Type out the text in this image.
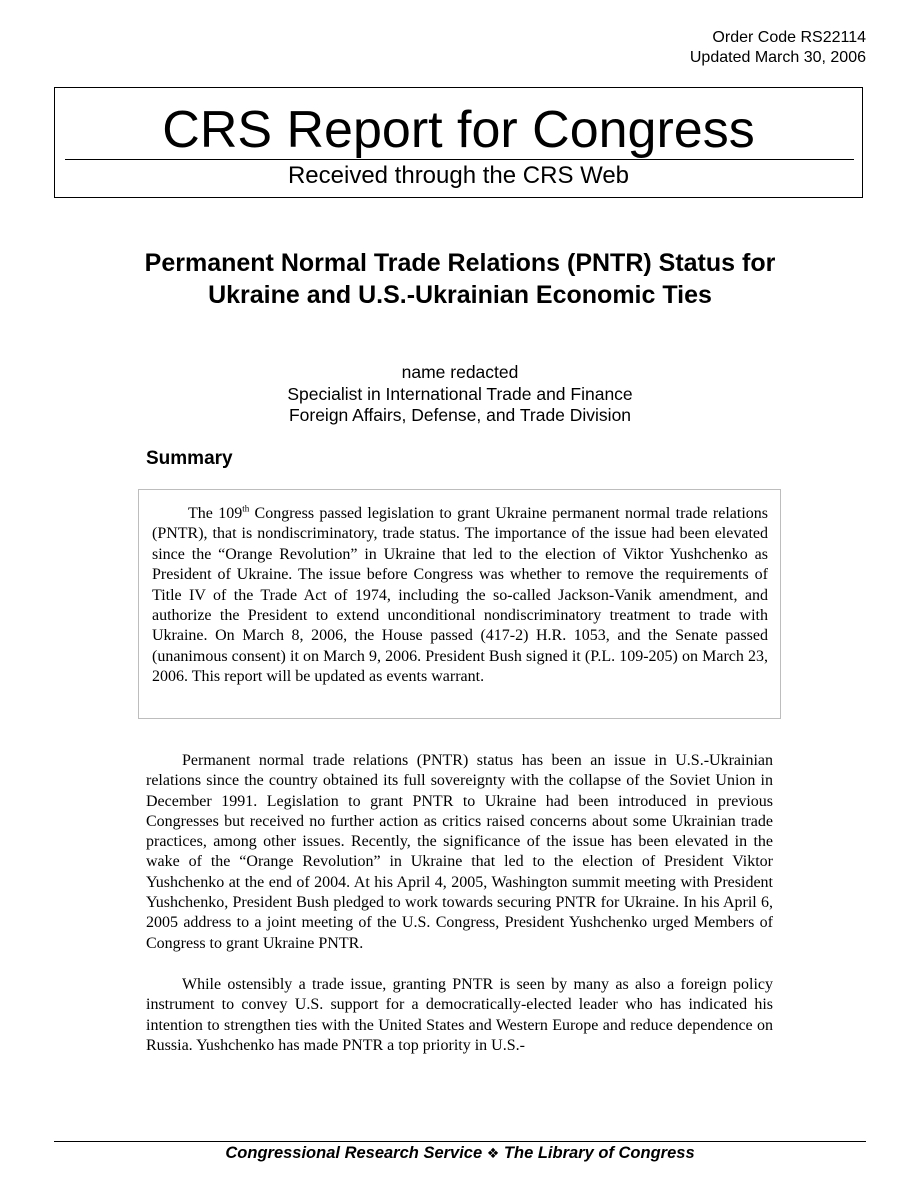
Order Code RS22114
Updated March 30, 2006
CRS Report for Congress
Received through the CRS Web
Permanent Normal Trade Relations (PNTR) Status for Ukraine and U.S.-Ukrainian Economic Ties
name redacted
Specialist in International Trade and Finance
Foreign Affairs, Defense, and Trade Division
Summary

The 109th Congress passed legislation to grant Ukraine permanent normal trade relations (PNTR), that is nondiscriminatory, trade status. The importance of the issue had been elevated since the “Orange Revolution” in Ukraine that led to the election of Viktor Yushchenko as President of Ukraine. The issue before Congress was whether to remove the requirements of Title IV of the Trade Act of 1974, including the so-called Jackson-Vanik amendment, and authorize the President to extend unconditional nondiscriminatory treatment to trade with Ukraine. On March 8, 2006, the House passed (417-2) H.R. 1053, and the Senate passed (unanimous consent) it on March 9, 2006. President Bush signed it (P.L. 109-205) on March 23, 2006. This report will be updated as events warrant.

Permanent normal trade relations (PNTR) status has been an issue in U.S.-Ukrainian relations since the country obtained its full sovereignty with the collapse of the Soviet Union in December 1991. Legislation to grant PNTR to Ukraine had been introduced in previous Congresses but received no further action as critics raised concerns about some Ukrainian trade practices, among other issues. Recently, the significance of the issue has been elevated in the wake of the “Orange Revolution” in Ukraine that led to the election of President Viktor Yushchenko at the end of 2004. At his April 4, 2005, Washington summit meeting with President Yushchenko, President Bush pledged to work towards securing PNTR for Ukraine. In his April 6, 2005 address to a joint meeting of the U.S. Congress, President Yushchenko urged Members of Congress to grant Ukraine PNTR.

While ostensibly a trade issue, granting PNTR is seen by many as also a foreign policy instrument to convey U.S. support for a democratically-elected leader who has indicated his intention to strengthen ties with the United States and Western Europe and reduce dependence on Russia. Yushchenko has made PNTR a top priority in U.S.-

Congressional Research Service ❖ The Library of Congress
